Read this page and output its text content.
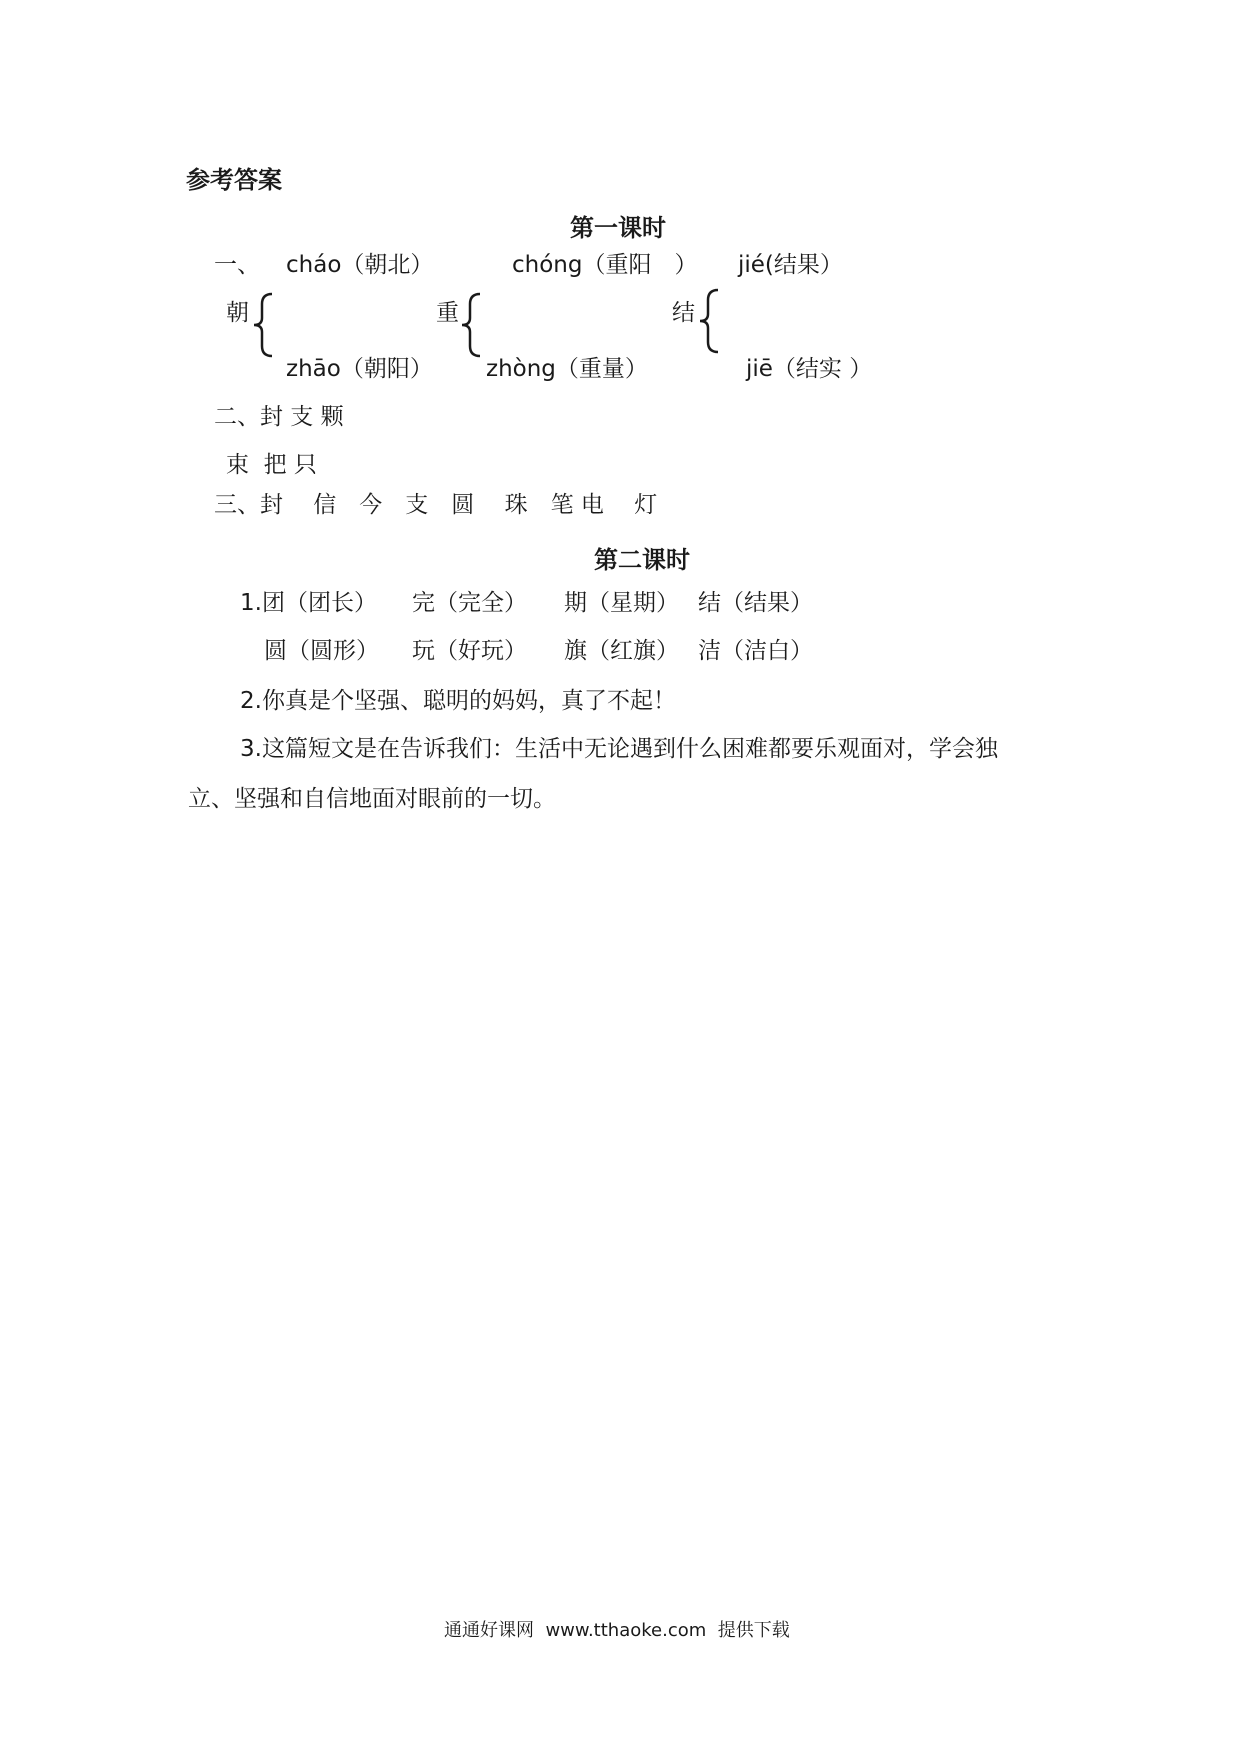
参考答案
第一课时
一、 cháo（朝北）	chóng（重阳　） jié(结果）
朝	重	结
zhāo（朝阳） zhòng（重量）	jiē（结实 ）
二、封 支 颗
束  把 只
三、封　 信　今　支　圆　 珠　笔 电　 灯
第二课时
1.团（团长） 完（完全） 期（星期） 结（结果）
圆（圆形） 玩（好玩） 旗（红旗） 洁（洁白）
2.你真是个坚强、聪明的妈妈，真了不起！
3.这篇短文是在告诉我们：生活中无论遇到什么困难都要乐观面对，学会独
立、坚强和自信地面对眼前的一切。
通通好课网  www.tthaoke.com  提供下载
